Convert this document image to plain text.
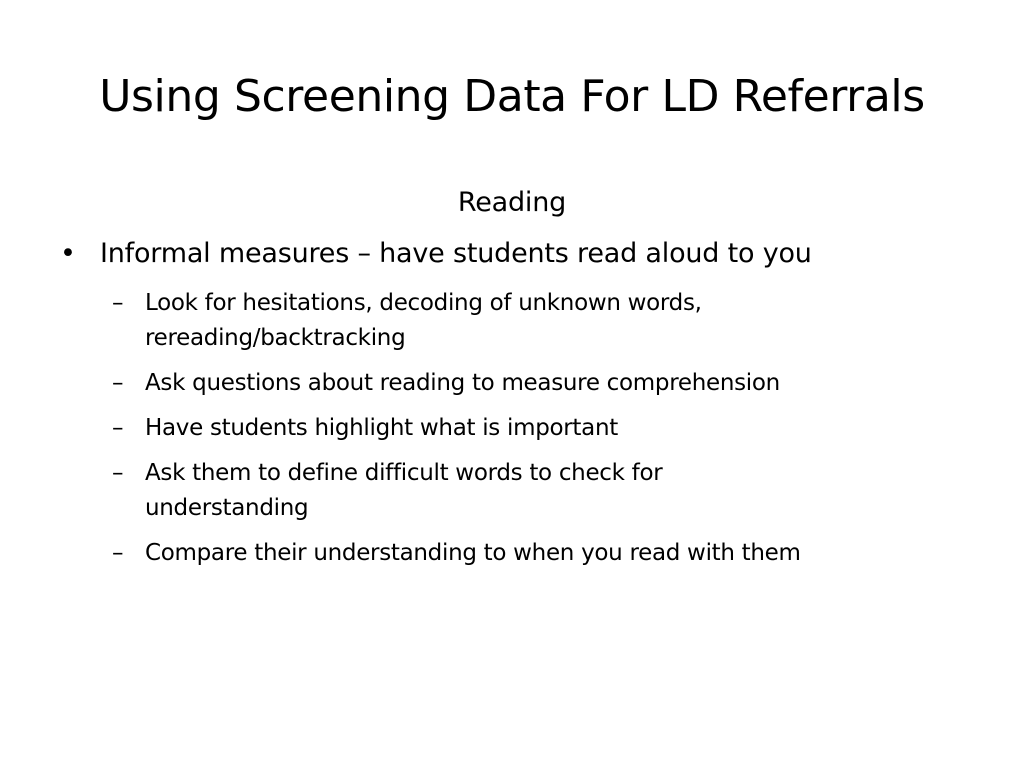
Using Screening Data For LD Referrals
Reading
• Informal measures – have students read aloud to you
– Look for hesitations, decoding of unknown words, rereading/backtracking
– Ask questions about reading to measure comprehension
– Have students highlight what is important
– Ask them to define difficult words to check for understanding
– Compare their understanding to when you read with them
